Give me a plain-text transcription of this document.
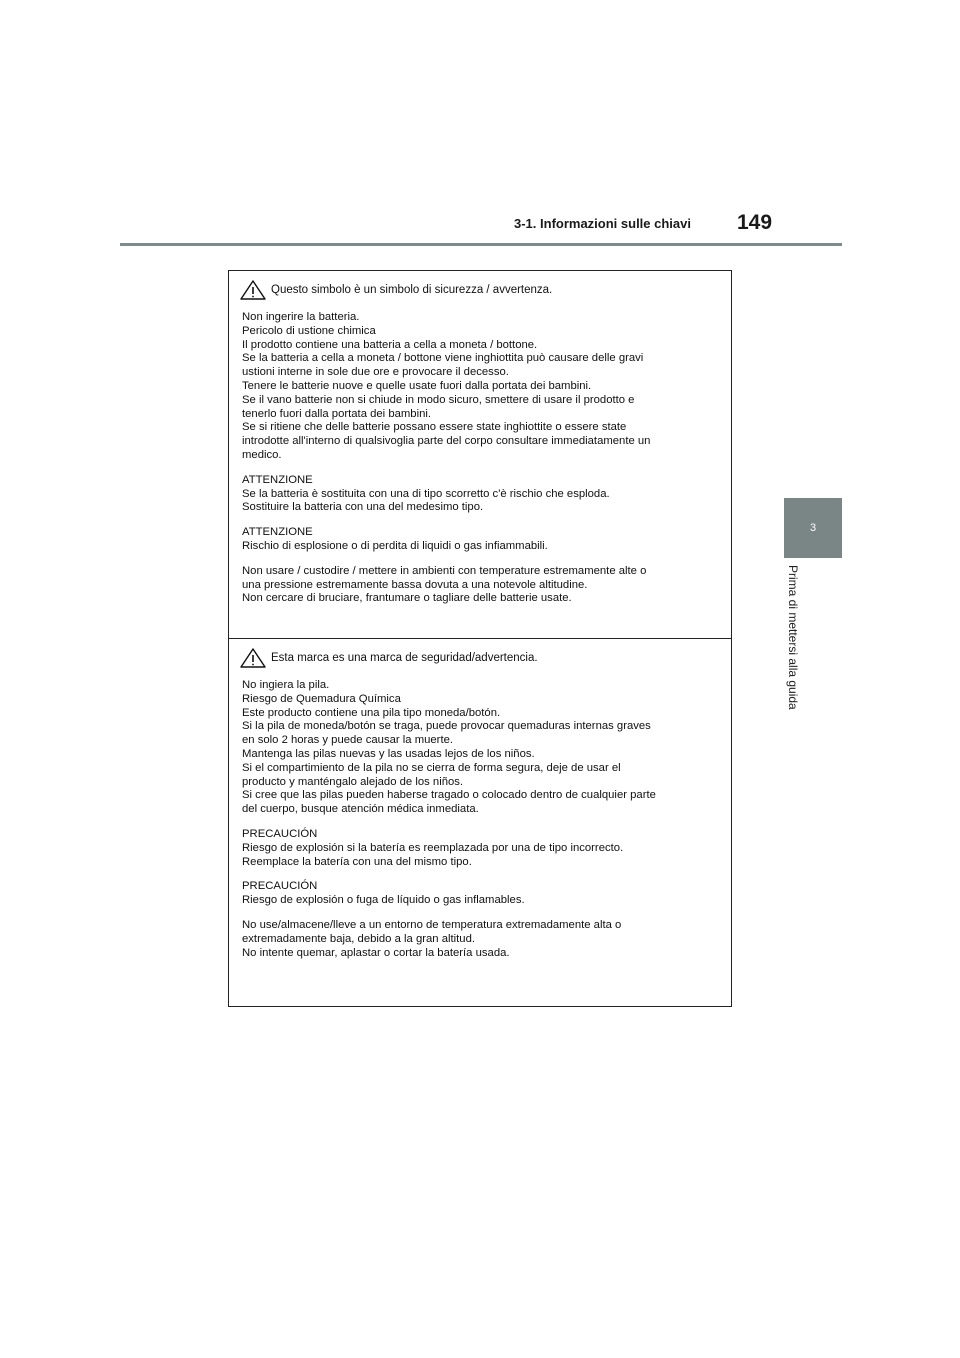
3-1. Informazioni sulle chiavi 149
3
Prima di mettersi alla guida
Questo simbolo è un simbolo di sicurezza / avvertenza.
Non ingerire la batteria.
Pericolo di ustione chimica
Il prodotto contiene una batteria a cella a moneta / bottone.
Se la batteria a cella a moneta / bottone viene inghiottita può causare delle gravi
ustioni interne in sole due ore e provocare il decesso.
Tenere le batterie nuove e quelle usate fuori dalla portata dei bambini.
Se il vano batterie non si chiude in modo sicuro, smettere di usare il prodotto e
tenerlo fuori dalla portata dei bambini.
Se si ritiene che delle batterie possano essere state inghiottite o essere state
introdotte all'interno di qualsivoglia parte del corpo consultare immediatamente un
medico.
ATTENZIONE
Se la batteria è sostituita con una di tipo scorretto c'è rischio che esploda.
Sostituire la batteria con una del medesimo tipo.
ATTENZIONE
Rischio di esplosione o di perdita di liquidi o gas infiammabili.
Non usare / custodire / mettere in ambienti con temperature estremamente alte o
una pressione estremamente bassa dovuta a una notevole altitudine.
Non cercare di bruciare, frantumare o tagliare delle batterie usate.
Esta marca es una marca de seguridad/advertencia.
No ingiera la pila.
Riesgo de Quemadura Química
Este producto contiene una pila tipo moneda/botón.
Si la pila de moneda/botón se traga, puede provocar quemaduras internas graves
en solo 2 horas y puede causar la muerte.
Mantenga las pilas nuevas y las usadas lejos de los niños.
Si el compartimiento de la pila no se cierra de forma segura, deje de usar el
producto y manténgalo alejado de los niños.
Si cree que las pilas pueden haberse tragado o colocado dentro de cualquier parte
del cuerpo, busque atención médica inmediata.
PRECAUCIÓN
Riesgo de explosión si la batería es reemplazada por una de tipo incorrecto.
Reemplace la batería con una del mismo tipo.
PRECAUCIÓN
Riesgo de explosión o fuga de líquido o gas inflamables.
No use/almacene/lleve a un entorno de temperatura extremadamente alta o
extremadamente baja, debido a la gran altitud.
No intente quemar, aplastar o cortar la batería usada.
